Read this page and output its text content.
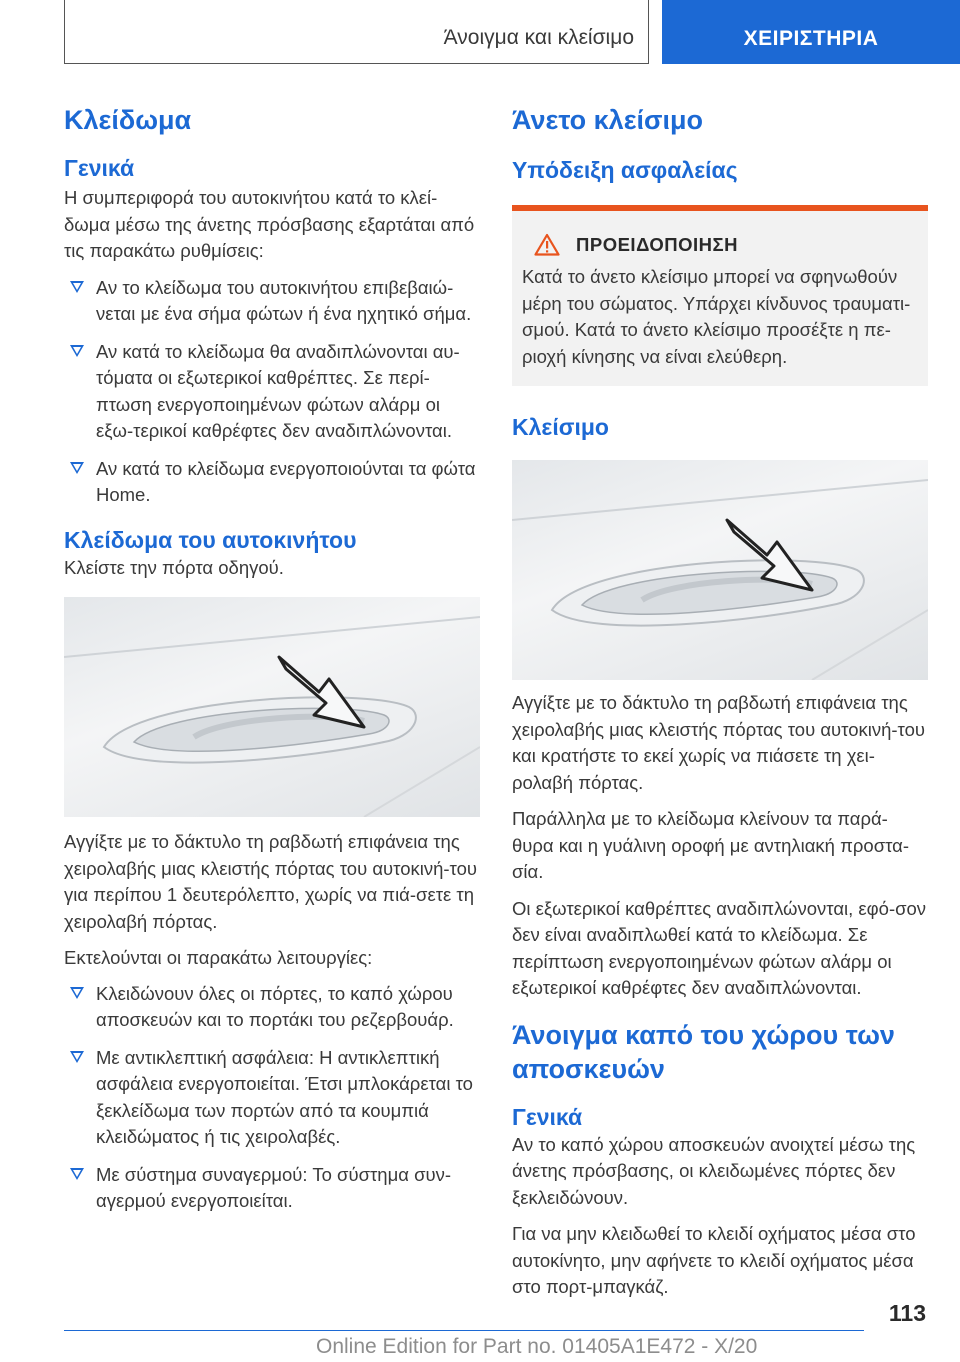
Άνοιγμα και κλείσιμο	ΧΕΙΡΙΣΤΗΡΙΑ
Κλείδωμα
Γενικά

Η συμπεριφορά του αυτοκινήτου κατά το κλεί-δωμα μέσω της άνετης πρόσβασης εξαρτάται από τις παρακάτω ρυθμίσεις:

Αν το κλείδωμα του αυτοκινήτου επιβεβαιώ-νεται με ένα σήμα φώτων ή ένα ηχητικό σήμα.
Αν κατά το κλείδωμα θα αναδιπλώνονται αυ-τόματα οι εξωτερικοί καθρέπτες. Σε περί-πτωση ενεργοποιημένων φώτων αλάρμ οι εξω-τερικοί καθρέφτες δεν αναδιπλώνονται.
Αν κατά το κλείδωμα ενεργοποιούνται τα φώτα Home.
Κλείδωμα του αυτοκινήτου

Κλείστε την πόρτα οδηγού.

Αγγίξτε με το δάκτυλο τη ραβδωτή επιφάνεια της χειρολαβής μιας κλειστής πόρτας του αυτοκινή-του για περίπου 1 δευτερόλεπτο, χωρίς να πιά-σετε τη χειρολαβή πόρτας.

Εκτελούνται οι παρακάτω λειτουργίες:

Κλειδώνουν όλες οι πόρτες, το καπό χώρου αποσκευών και το πορτάκι του ρεζερβουάρ.
Με αντικλεπτική ασφάλεια: Η αντικλεπτική ασφάλεια ενεργοποιείται. Έτσι μπλοκάρεται το ξεκλείδωμα των πορτών από τα κουμπιά κλειδώματος ή τις χειρολαβές.
Με σύστημα συναγερμού: Το σύστημα συν-αγερμού ενεργοποιείται.
Άνετο κλείσιμο
Υπόδειξη ασφαλείας
ΠΡΟΕΙΔΟΠΟΙΗΣΗ

Κατά το άνετο κλείσιμο μπορεί να σφηνωθούν μέρη του σώματος. Υπάρχει κίνδυνος τραυματι-σμού. Κατά το άνετο κλείσιμο προσέξτε η πε-ριοχή κίνησης να είναι ελεύθερη.

Κλείσιμο

Αγγίξτε με το δάκτυλο τη ραβδωτή επιφάνεια της χειρολαβής μιας κλειστής πόρτας του αυτοκινή-του και κρατήστε το εκεί χωρίς να πιάσετε τη χει-ρολαβή πόρτας.

Παράλληλα με το κλείδωμα κλείνουν τα παρά-θυρα και η γυάλινη οροφή με αντηλιακή προστα-σία.

Οι εξωτερικοί καθρέπτες αναδιπλώνονται, εφό-σον δεν είναι αναδιπλωθεί κατά το κλείδωμα. Σε περίπτωση ενεργοποιημένων φώτων αλάρμ οι εξωτερικοί καθρέφτες δεν αναδιπλώνονται.

Άνοιγμα καπό του χώρου των αποσκευών
Γενικά

Αν το καπό χώρου αποσκευών ανοιχτεί μέσω της άνετης πρόσβασης, οι κλειδωμένες πόρτες δεν ξεκλειδώνουν.

Για να μην κλειδωθεί το κλειδί οχήματος μέσα στο αυτοκίνητο, μην αφήνετε το κλειδί οχήματος μέσα στο πορτ-μπαγκάζ.

113
Online Edition for Part no. 01405A1E472 - X/20
